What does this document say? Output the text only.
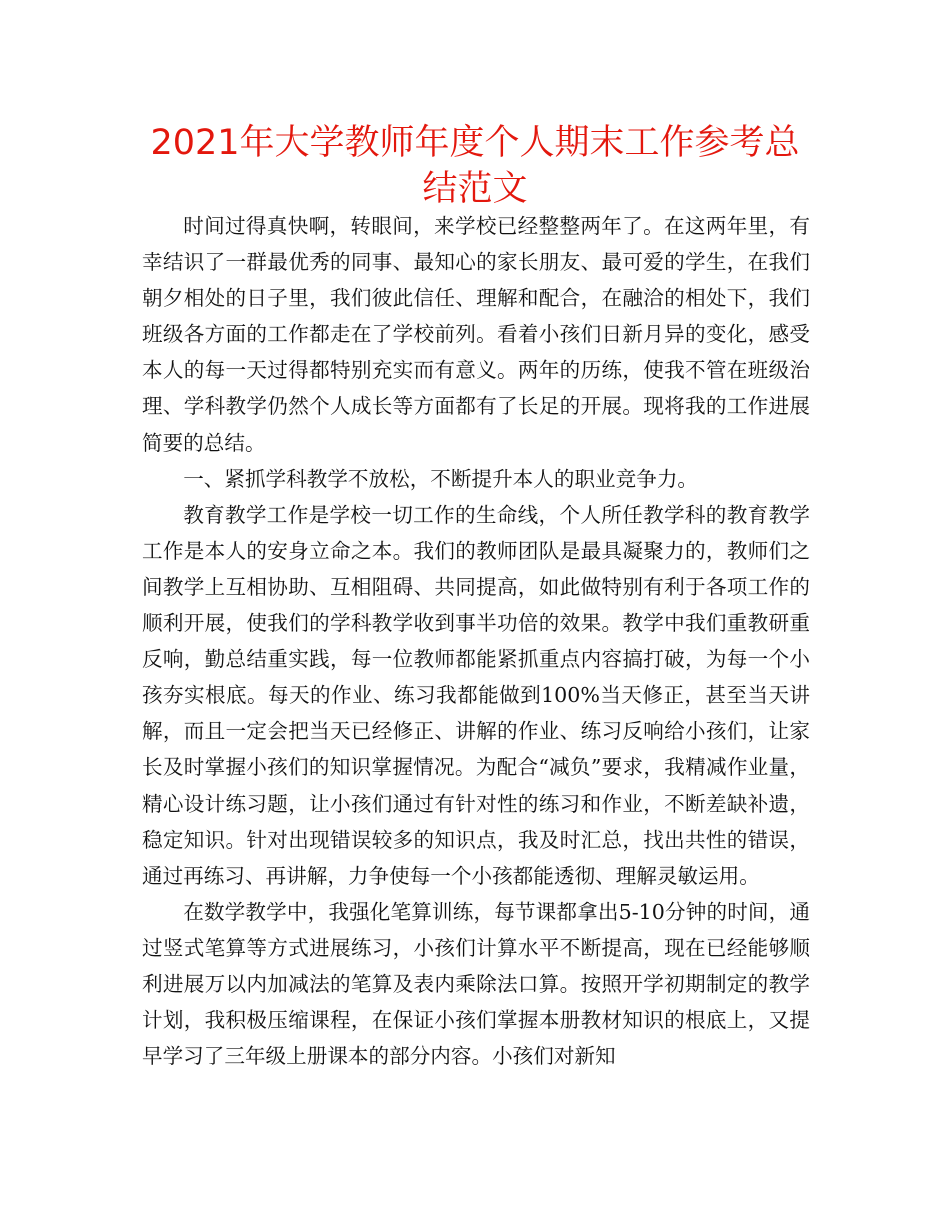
2021年大学教师年度个人期末工作参考总结范文

时间过得真快啊，转眼间，来学校已经整整两年了。在这两年里，有幸结识了一群最优秀的同事、最知心的家长朋友、最可爱的学生，在我们朝夕相处的日子里，我们彼此信任、理解和配合，在融洽的相处下，我们班级各方面的工作都走在了学校前列。看着小孩们日新月异的变化，感受本人的每一天过得都特别充实而有意义。两年的历练，使我不管在班级治理、学科教学仍然个人成长等方面都有了长足的开展。现将我的工作进展简要的总结。

一、紧抓学科教学不放松，不断提升本人的职业竞争力。

教育教学工作是学校一切工作的生命线，个人所任教学科的教育教学工作是本人的安身立命之本。我们的教师团队是最具凝聚力的，教师们之间教学上互相协助、互相阻碍、共同提高，如此做特别有利于各项工作的顺利开展，使我们的学科教学收到事半功倍的效果。教学中我们重教研重反响，勤总结重实践，每一位教师都能紧抓重点内容搞打破，为每一个小孩夯实根底。每天的作业、练习我都能做到100%当天修正，甚至当天讲解，而且一定会把当天已经修正、讲解的作业、练习反响给小孩们，让家长及时掌握小孩们的知识掌握情况。为配合“减负”要求，我精减作业量，精心设计练习题，让小孩们通过有针对性的练习和作业，不断差缺补遗，稳定知识。针对出现错误较多的知识点，我及时汇总，找出共性的错误，通过再练习、再讲解，力争使每一个小孩都能透彻、理解灵敏运用。

在数学教学中，我强化笔算训练，每节课都拿出5-10分钟的时间，通过竖式笔算等方式进展练习，小孩们计算水平不断提高，现在已经能够顺利进展万以内加减法的笔算及表内乘除法口算。按照开学初期制定的教学计划，我积极压缩课程，在保证小孩们掌握本册教材知识的根底上，又提早学习了三年级上册课本的部分内容。小孩们对新知
